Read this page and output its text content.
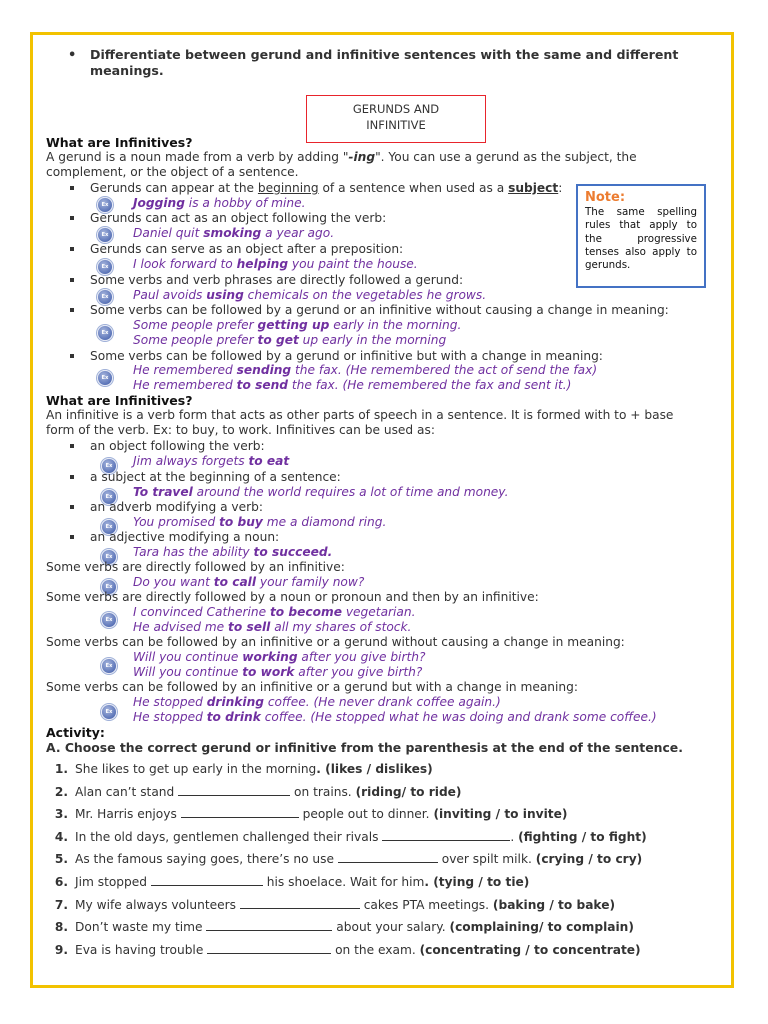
• Differentiate between gerund and infinitive sentences with the same and different meanings.
GERUNDS AND
INFINITIVE
What are Infinitives?
A gerund is a noun made from a verb by adding "-ing". You can use a gerund as the subject, the
complement, or the object of a sentence.
Gerunds can appear at the beginning of a sentence when used as a subject:
Ex	Jogging is a hobby of mine.
Gerunds can act as an object following the verb:
Ex	Daniel quit smoking a year ago.
Gerunds can serve as an object after a preposition:
Ex	I look forward to helping you paint the house.
Some verbs and verb phrases are directly followed a gerund:
Ex	Paul avoids using chemicals on the vegetables he grows.
Some verbs can be followed by a gerund or an infinitive without causing a change in meaning:
Ex
Some people prefer getting up early in the morning.
Some people prefer to get up early in the morning
Some verbs can be followed by a gerund or infinitive but with a change in meaning:
Ex
He remembered sending the fax. (He remembered the act of send the fax)
He remembered to send the fax. (He remembered the fax and sent it.)
Note:
The same spelling rules that apply to the progressive tenses also apply to gerunds.
What are Infinitives?
An infinitive is a verb form that acts as other parts of speech in a sentence. It is formed with to + base
form of the verb. Ex: to buy, to work. Infinitives can be used as:
an object following the verb:
Ex	Jim always forgets to eat
a subject at the beginning of a sentence:
Ex	To travel around the world requires a lot of time and money.
an adverb modifying a verb:
Ex	You promised to buy me a diamond ring.
an adjective modifying a noun:
Ex	Tara has the ability to succeed.
Some verbs are directly followed by an infinitive:
Ex	Do you want to call your family now?
Some verbs are directly followed by a noun or pronoun and then by an infinitive:
Ex
I convinced Catherine to become vegetarian.
He advised me to sell all my shares of stock.
Some verbs can be followed by an infinitive or a gerund without causing a change in meaning:
Ex
Will you continue working after you give birth?
Will you continue to work after you give birth?
Some verbs can be followed by an infinitive or a gerund but with a change in meaning:
Ex
He stopped drinking coffee. (He never drank coffee again.)
He stopped to drink coffee. (He stopped what he was doing and drank some coffee.)
Activity:
A. Choose the correct gerund or infinitive from the parenthesis at the end of the sentence.
1. She likes to get up early in the morning. (likes / dislikes)
2. Alan can’t stand	on trains. (riding/ to ride)
3. Mr. Harris enjoys	people out to dinner. (inviting / to invite)
4. In the old days, gentlemen challenged their rivals	. (fighting / to fight)
5. As the famous saying goes, there’s no use	over spilt milk. (crying / to cry)
6. Jim stopped	his shoelace. Wait for him. (tying / to tie)
7. My wife always volunteers	cakes PTA meetings. (baking / to bake)
8. Don’t waste my time	about your salary. (complaining/ to complain)
9. Eva is having trouble	on the exam. (concentrating / to concentrate)
